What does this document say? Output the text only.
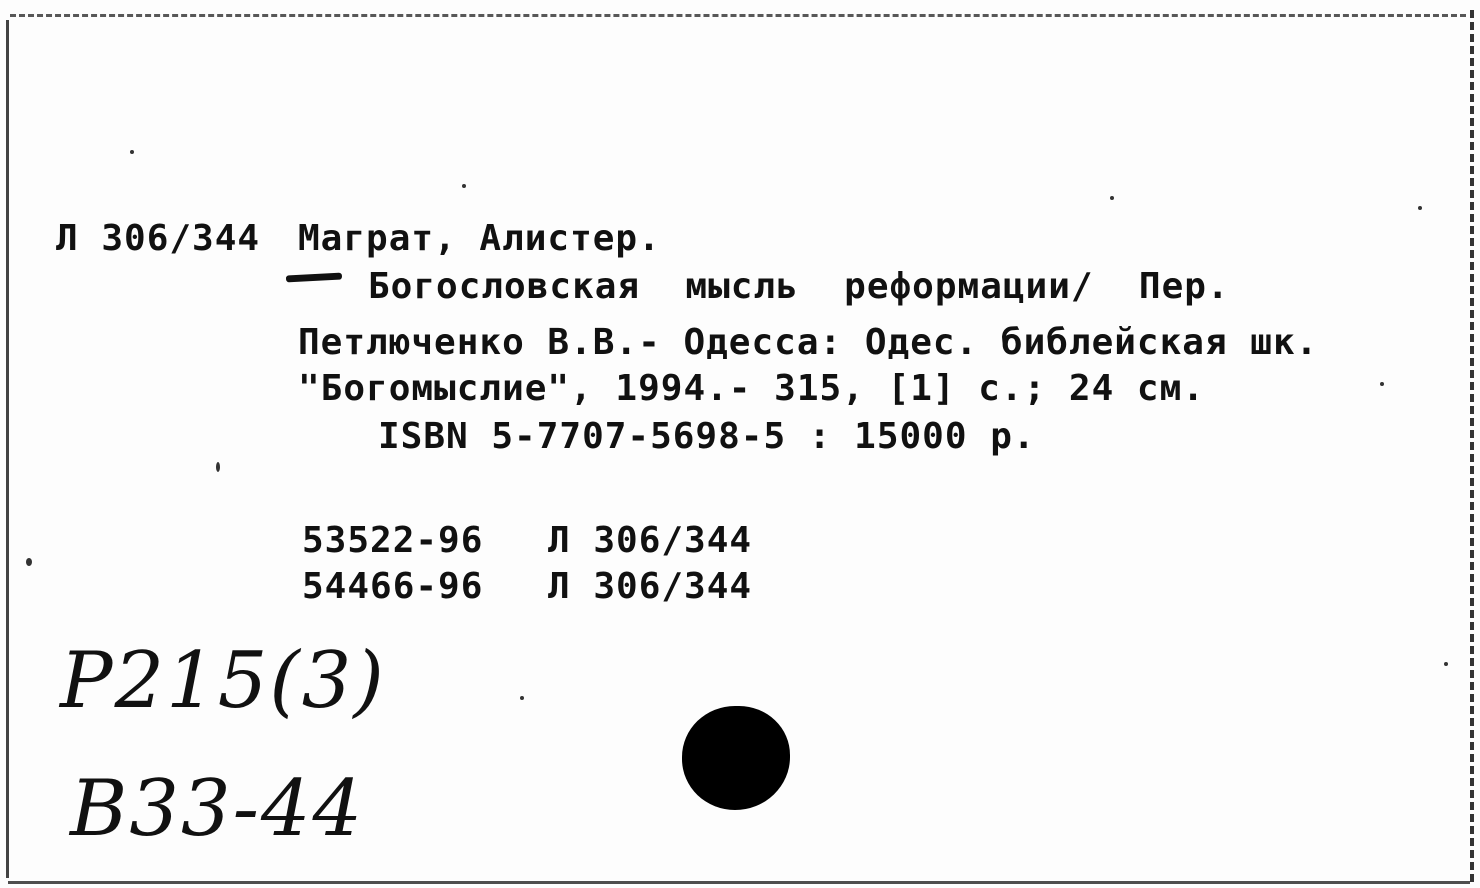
Л 306/344 Маграт, Алистер.
Богословская  мысль  реформации/  Пер.
Петлюченко В.В.- Одесса: Одес. библейская шк.
"Богомыслие", 1994.- 315, [1] с.; 24 см.
ISBN 5-7707-5698-5 : 15000 р.
53522-96 Л 306/344
54466-96 Л 306/344
P215(3)
B33-44
